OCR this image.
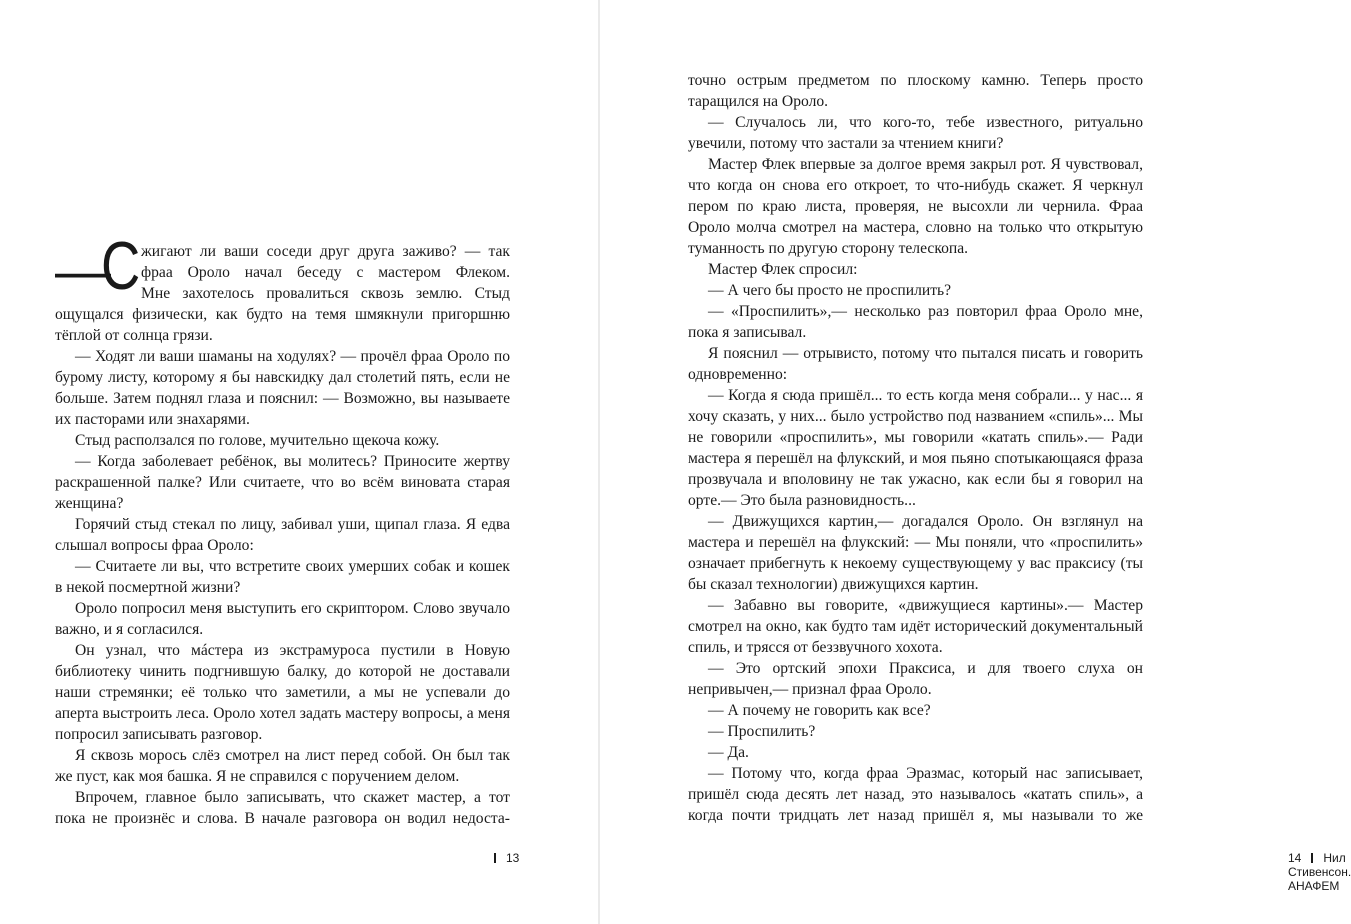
—
С жигают ли ваши соседи друг друга заживо? — так

фраа Ороло начал беседу с мастером Флеком.

Мне захотелось провалиться сквозь землю. Стыд

ощущался физически, как будто на темя шмякнули пригоршню тёплой от солнца грязи.

— Ходят ли ваши шаманы на ходулях? — прочёл фраа Ороло по бурому листу, которому я бы навскидку дал столетий пять, если не больше. Затем поднял глаза и пояснил: — Возможно, вы называете их пасторами или знахарями.

Стыд расползался по голове, мучительно щекоча кожу.

— Когда заболевает ребёнок, вы молитесь? Приносите жертву раскрашенной палке? Или считаете, что во всём виновата старая женщина?

Горячий стыд стекал по лицу, забивал уши, щипал глаза. Я едва слышал вопросы фраа Ороло:

— Считаете ли вы, что встретите своих умерших собак и кошек в некой посмертной жизни?

Ороло попросил меня выступить его скриптором. Слово звучало важно, и я согласился.

Он узнал, что мáстера из экстрамуроса пустили в Новую библиотеку чинить подгнившую балку, до которой не доставали наши стремянки; её только что заметили, а мы не успевали до аперта выстроить леса. Ороло хотел задать мастеру вопросы, а меня попросил записывать разговор.

Я сквозь морось слёз смотрел на лист перед собой. Он был так же пуст, как моя башка. Я не справился с поручением делом.

Впрочем, главное было записывать, что скажет мастер, а тот пока не произнёс и слова. В начале разговора он водил недоста-

13

точно острым предметом по плоскому камню. Теперь просто таращился на Ороло.

— Случалось ли, что кого-то, тебе известного, ритуально увечили, потому что застали за чтением книги?

Мастер Флек впервые за долгое время закрыл рот. Я чувствовал, что когда он снова его откроет, то что-нибудь скажет. Я черкнул пером по краю листа, проверяя, не высохли ли чернила. Фраа Ороло молча смотрел на мастера, словно на только что открытую туманность по другую сторону телескопа.

Мастер Флек спросил:

— А чего бы просто не проспилить?

— «Проспилить»,— несколько раз повторил фраа Ороло мне, пока я записывал.

Я пояснил — отрывисто, потому что пытался писать и говорить одновременно:

— Когда я сюда пришёл... то есть когда меня собрали... у нас... я хочу сказать, у них... было устройство под названием «спиль»... Мы не говорили «проспилить», мы говорили «катать спиль».— Ради мастера я перешёл на флукский, и моя пьяно спотыкающаяся фраза прозвучала и вполовину не так ужасно, как если бы я говорил на орте.— Это была разновидность...

— Движущихся картин,— догадался Ороло. Он взглянул на мастера и перешёл на флукский: — Мы поняли, что «проспилить» означает прибегнуть к некоему существующему у вас праксису (ты бы сказал технологии) движущихся картин.

— Забавно вы говорите, «движущиеся картины».— Мастер смотрел на окно, как будто там идёт исторический документальный спиль, и трясся от беззвучного хохота.

— Это ортский эпохи Праксиса, и для твоего слуха он непривычен,— признал фраа Ороло.

— А почему не говорить как все?

— Проспилить?

— Да.

— Потому что, когда фраа Эразмас, который нас записывает, пришёл сюда десять лет назад, это называлось «катать спиль», а когда почти тридцать лет назад пришёл я, мы называли то же

14 Нил Стивенсон. АНАФЕМ
